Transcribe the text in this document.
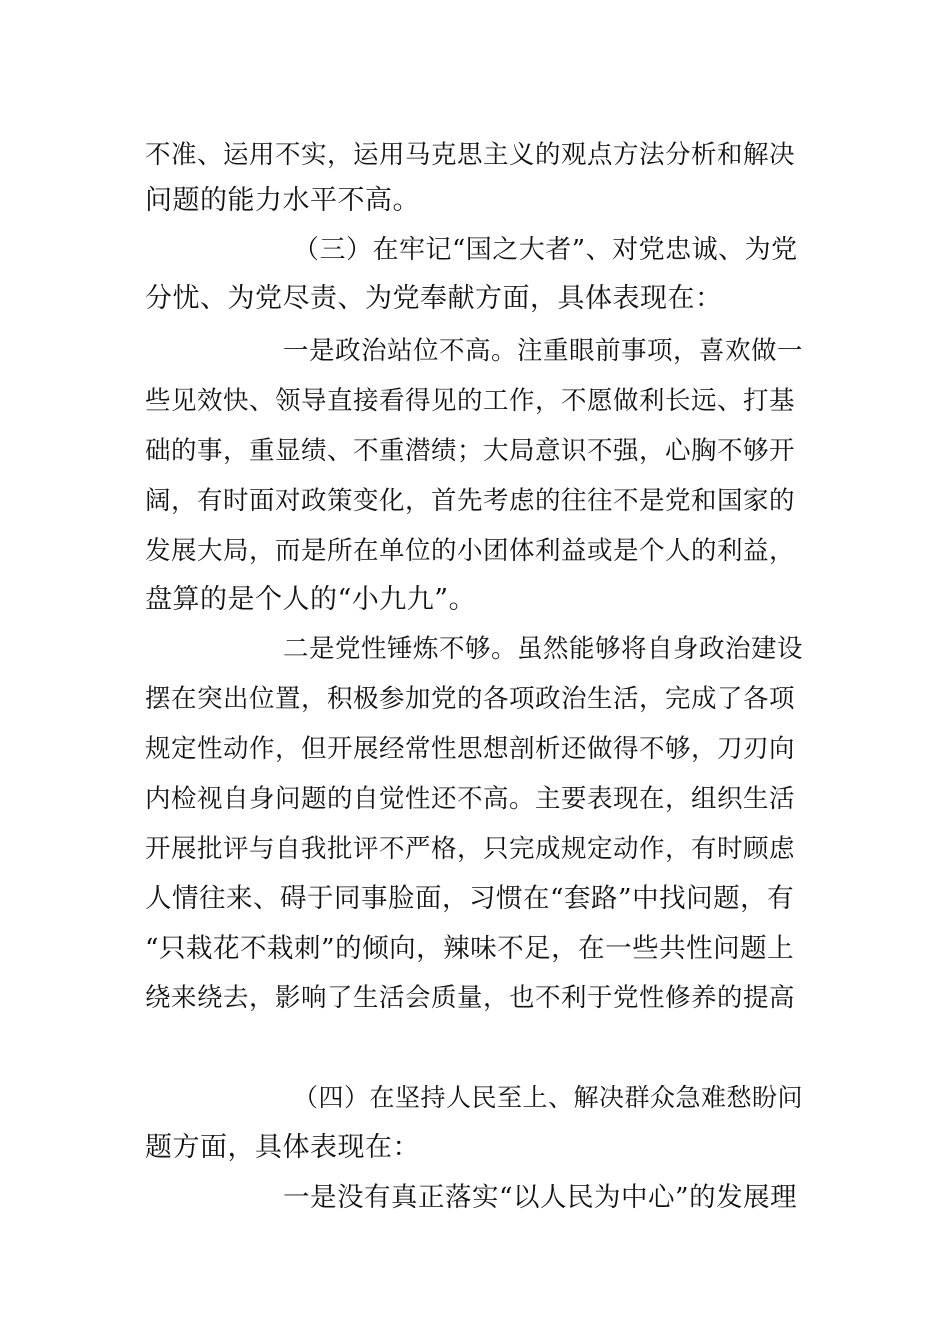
不准、运用不实，运用马克思主义的观点方法分析和解决
问题的能力水平不高。
（三）在牢记“国之大者”、对党忠诚、为党
分忧、为党尽责、为党奉献方面，具体表现在：
一是政治站位不高。注重眼前事项，喜欢做一
些见效快、领导直接看得见的工作，不愿做利长远、打基
础的事，重显绩、不重潜绩；大局意识不强，心胸不够开
阔，有时面对政策变化，首先考虑的往往不是党和国家的
发展大局，而是所在单位的小团体利益或是个人的利益，
盘算的是个人的“小九九”。
二是党性锤炼不够。虽然能够将自身政治建设
摆在突出位置，积极参加党的各项政治生活，完成了各项
规定性动作，但开展经常性思想剖析还做得不够，刀刃向
内检视自身问题的自觉性还不高。主要表现在，组织生活
开展批评与自我批评不严格，只完成规定动作，有时顾虑
人情往来、碍于同事脸面，习惯在“套路”中找问题，有
“只栽花不栽刺”的倾向，辣味不足，在一些共性问题上
绕来绕去，影响了生活会质量，也不利于党性修养的提高
（四）在坚持人民至上、解决群众急难愁盼问
题方面，具体表现在：
一是没有真正落实“以人民为中心”的发展理
